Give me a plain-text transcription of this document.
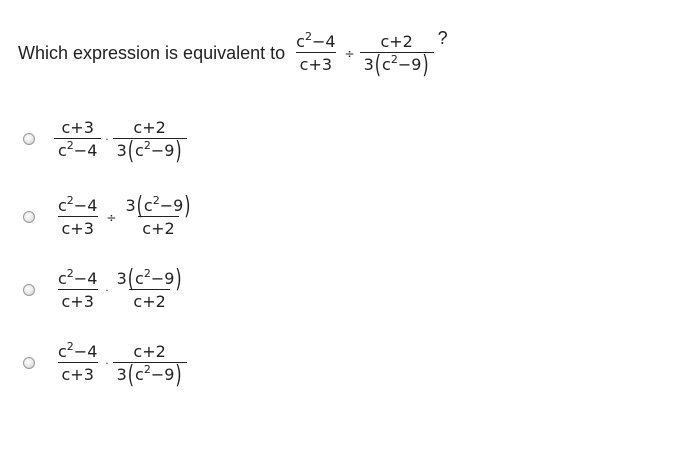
Which expression is equivalent to $\frac{c^2-4}{c+3} \div \frac{c+2}{3(c^2-9)}$ ?
$\frac{c+3}{c^2-4} \cdot \frac{c+2}{3(c^2-9)}$
$\frac{c^2-4}{c+3} \div \frac{3(c^2-9)}{c+2}$
$\frac{c^2-4}{c+3} \cdot \frac{3(c^2-9)}{c+2}$
$\frac{c^2-4}{c+3} \cdot \frac{c+2}{3(c^2-9)}$
